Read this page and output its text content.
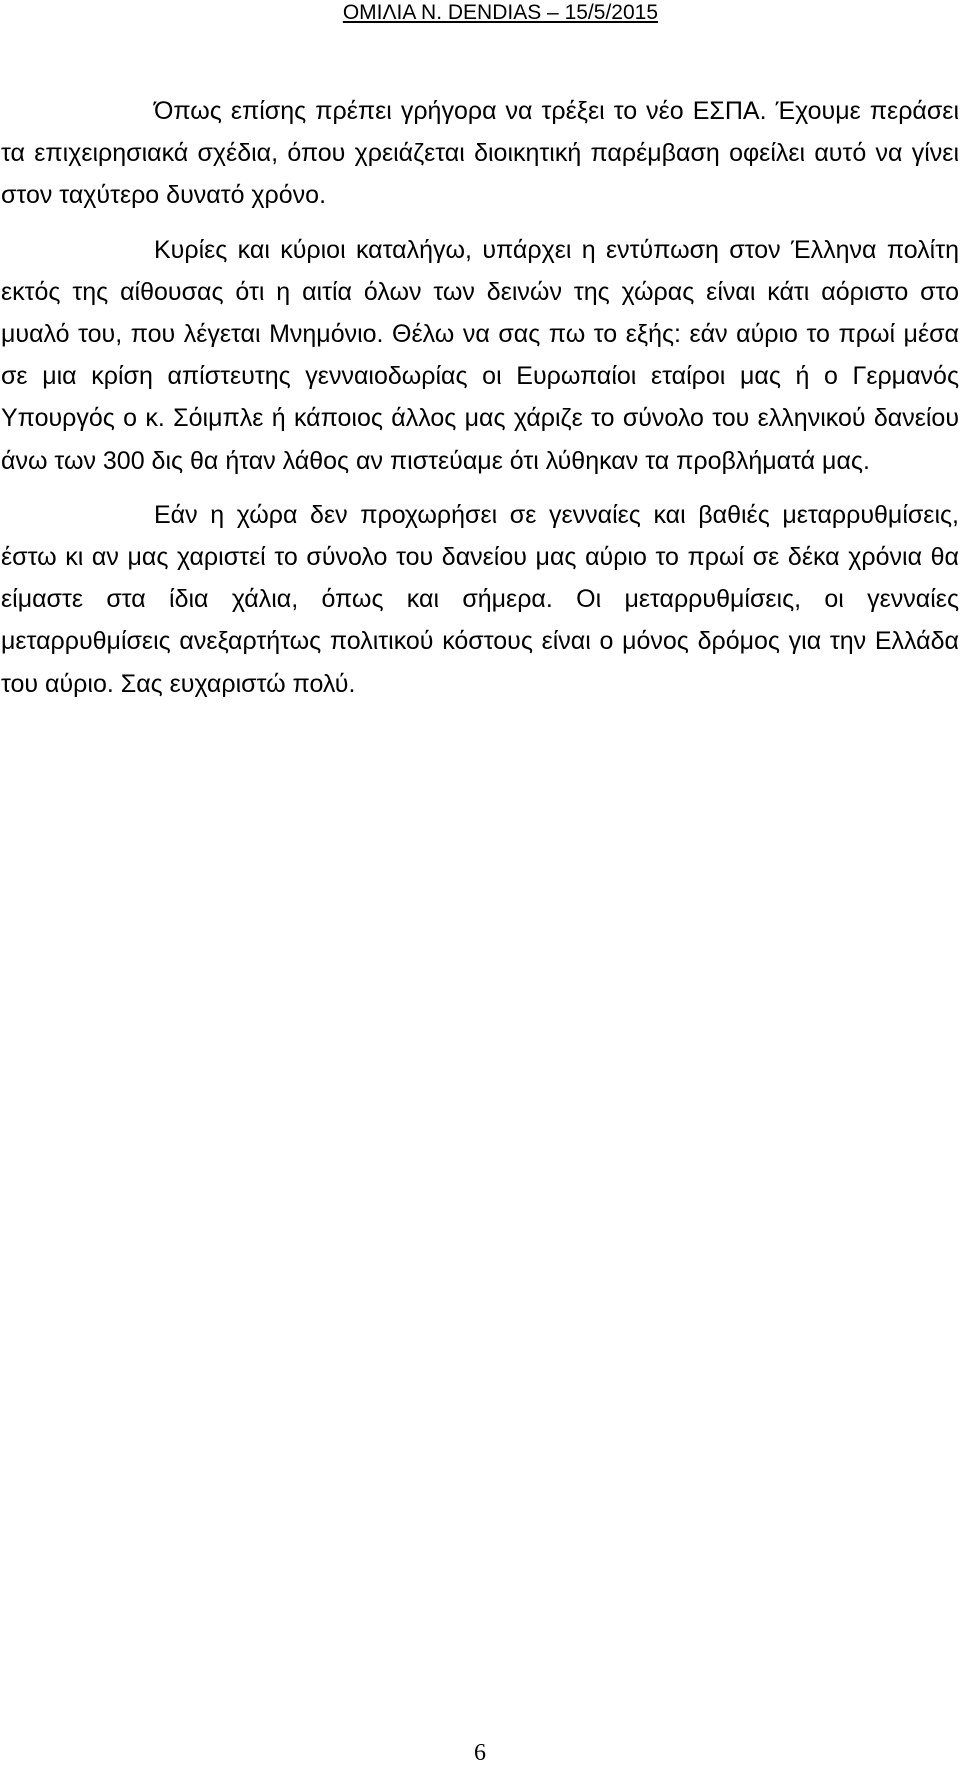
ΟΜΙΛΙΑ N. DENDIAS – 15/5/2015

Όπως επίσης πρέπει γρήγορα να τρέξει το νέο ΕΣΠΑ. Έχουμε περάσει τα επιχειρησιακά σχέδια, όπου χρειάζεται διοικητική παρέμβαση οφείλει αυτό να γίνει στον ταχύτερο δυνατό χρόνο.

Κυρίες και κύριοι καταλήγω, υπάρχει η εντύπωση στον Έλληνα πολίτη εκτός της αίθουσας ότι η αιτία όλων των δεινών της χώρας είναι κάτι αόριστο στο μυαλό του, που λέγεται Μνημόνιο. Θέλω να σας πω το εξής: εάν αύριο το πρωί μέσα σε μια κρίση απίστευτης γενναιοδωρίας οι Ευρωπαίοι εταίροι μας ή ο Γερμανός Υπουργός ο κ. Σόιμπλε ή κάποιος άλλος μας χάριζε το σύνολο του ελληνικού δανείου άνω των 300 δις θα ήταν λάθος αν πιστεύαμε ότι λύθηκαν τα προβλήματά μας.

Εάν η χώρα δεν προχωρήσει σε γενναίες και βαθιές μεταρρυθμίσεις, έστω κι αν μας χαριστεί το σύνολο του δανείου μας αύριο το πρωί σε δέκα χρόνια θα είμαστε στα ίδια χάλια, όπως και σήμερα. Οι μεταρρυθμίσεις, οι γενναίες μεταρρυθμίσεις ανεξαρτήτως πολιτικού κόστους είναι ο μόνος δρόμος για την Ελλάδα του αύριο. Σας ευχαριστώ πολύ.

6
